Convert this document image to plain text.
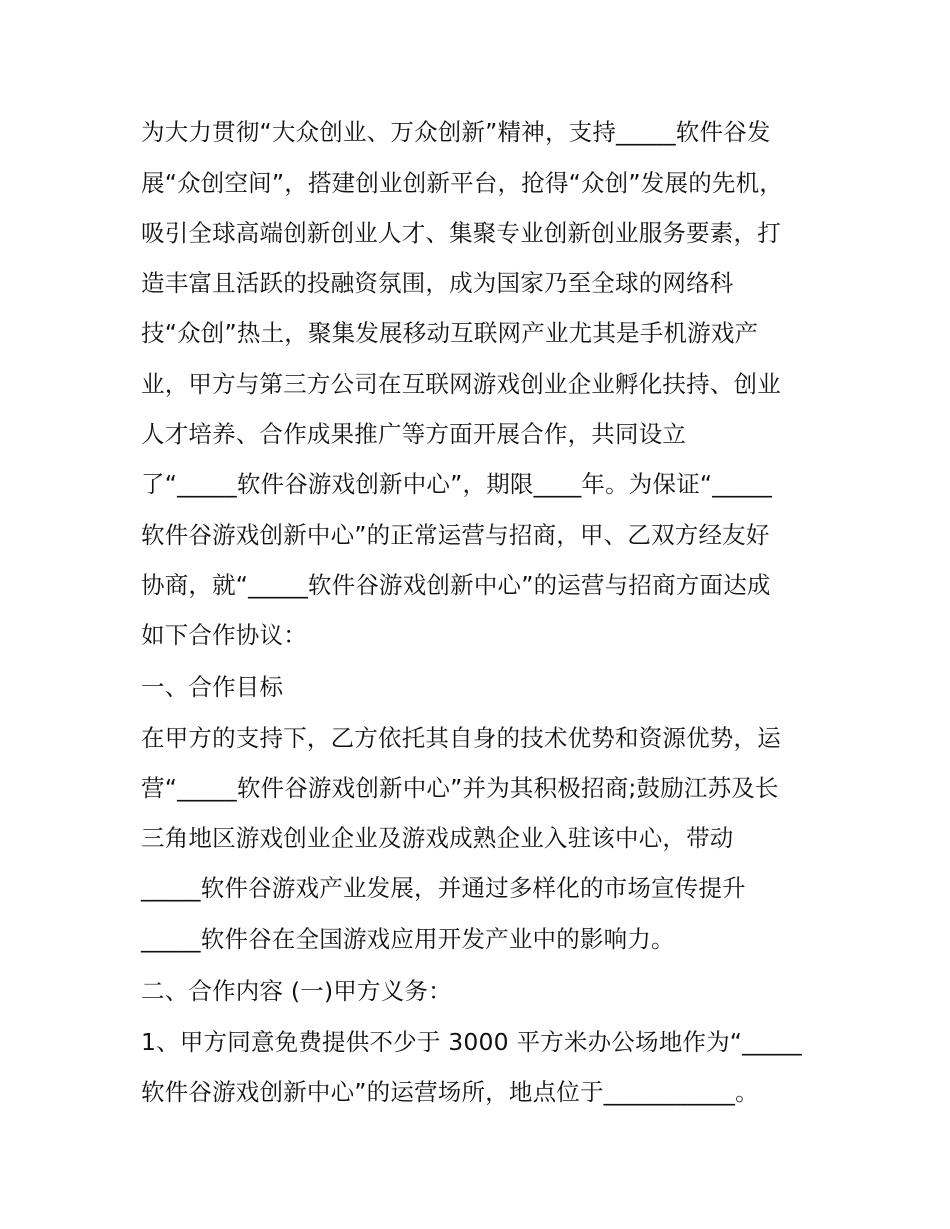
为大力贯彻“大众创业、万众创新”精神，支持_____软件谷发
展“众创空间”，搭建创业创新平台，抢得“众创”发展的先机，
吸引全球高端创新创业人才、集聚专业创新创业服务要素，打
造丰富且活跃的投融资氛围，成为国家乃至全球的网络科
技“众创”热土，聚集发展移动互联网产业尤其是手机游戏产
业，甲方与第三方公司在互联网游戏创业企业孵化扶持、创业
人才培养、合作成果推广等方面开展合作，共同设立
了“_____软件谷游戏创新中心”，期限____年。为保证“_____
软件谷游戏创新中心”的正常运营与招商，甲、乙双方经友好
协商，就“_____软件谷游戏创新中心”的运营与招商方面达成
如下合作协议：
一、合作目标
在甲方的支持下，乙方依托其自身的技术优势和资源优势，运
营“_____软件谷游戏创新中心”并为其积极招商;鼓励江苏及长
三角地区游戏创业企业及游戏成熟企业入驻该中心，带动
_____软件谷游戏产业发展，并通过多样化的市场宣传提升
_____软件谷在全国游戏应用开发产业中的影响力。
二、合作内容 (一)甲方义务：
1、甲方同意免费提供不少于 3000 平方米办公场地作为“_____
软件谷游戏创新中心”的运营场所，地点位于___________。
